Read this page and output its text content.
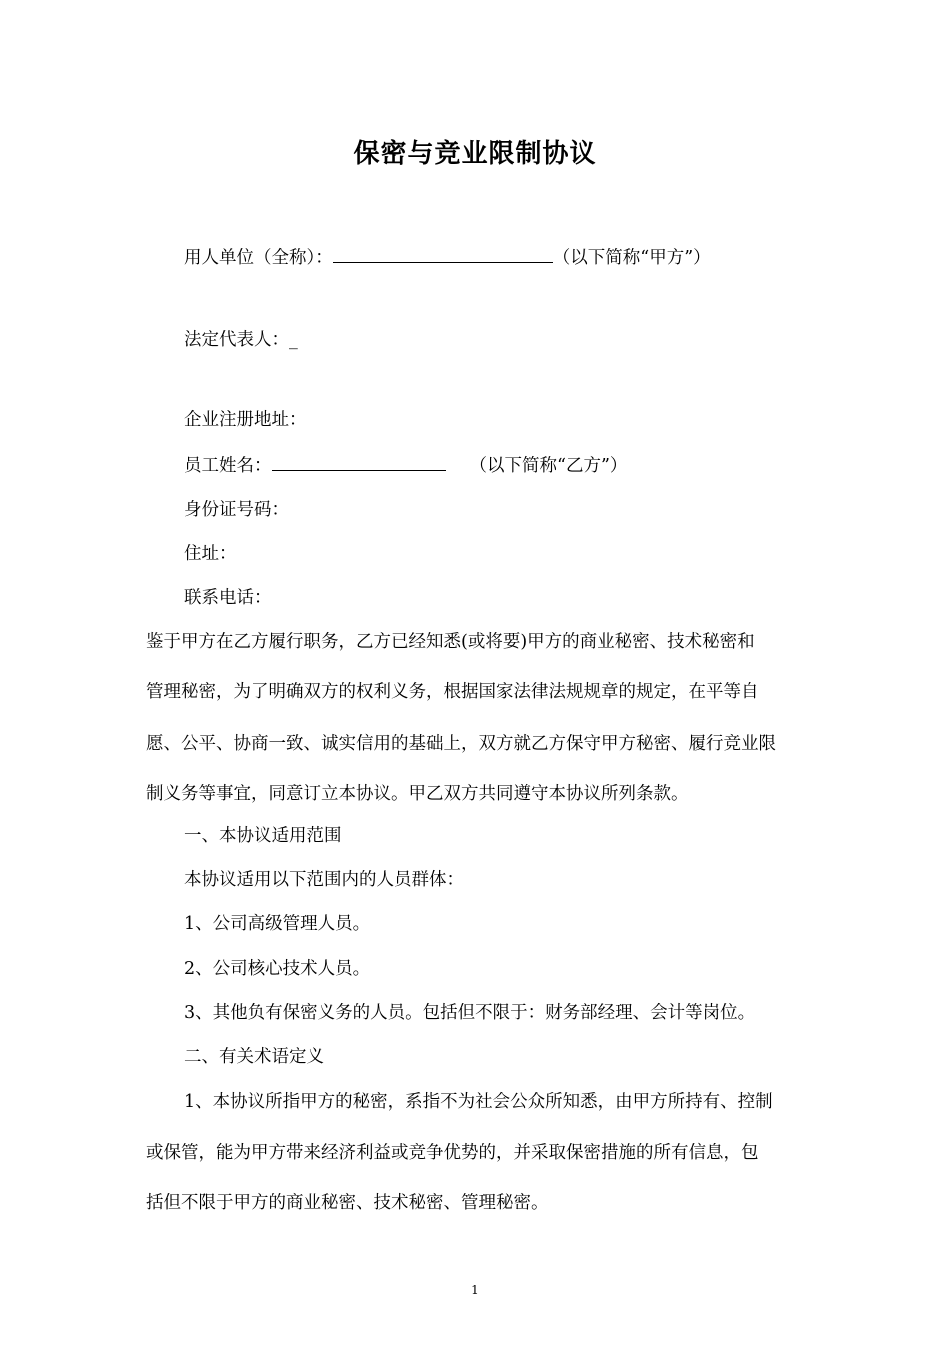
保密与竞业限制协议
用人单位（全称）：	（以下简称“甲方”）
法定代表人：_
企业注册地址：
员工姓名：	（以下简称“乙方”）
身份证号码：
住址：
联系电话：
鉴于甲方在乙方履行职务，乙方已经知悉(或将要)甲方的商业秘密、技术秘密和
管理秘密，为了明确双方的权利义务，根据国家法律法规规章的规定，在平等自
愿、公平、协商一致、诚实信用的基础上，双方就乙方保守甲方秘密、履行竞业限
制义务等事宜，同意订立本协议。甲乙双方共同遵守本协议所列条款。
一、本协议适用范围
本协议适用以下范围内的人员群体：
1、公司高级管理人员。
2、公司核心技术人员。
3、其他负有保密义务的人员。包括但不限于：财务部经理、会计等岗位。
二、有关术语定义
1、本协议所指甲方的秘密，系指不为社会公众所知悉，由甲方所持有、控制
或保管，能为甲方带来经济利益或竞争优势的，并采取保密措施的所有信息，包
括但不限于甲方的商业秘密、技术秘密、管理秘密。
1
